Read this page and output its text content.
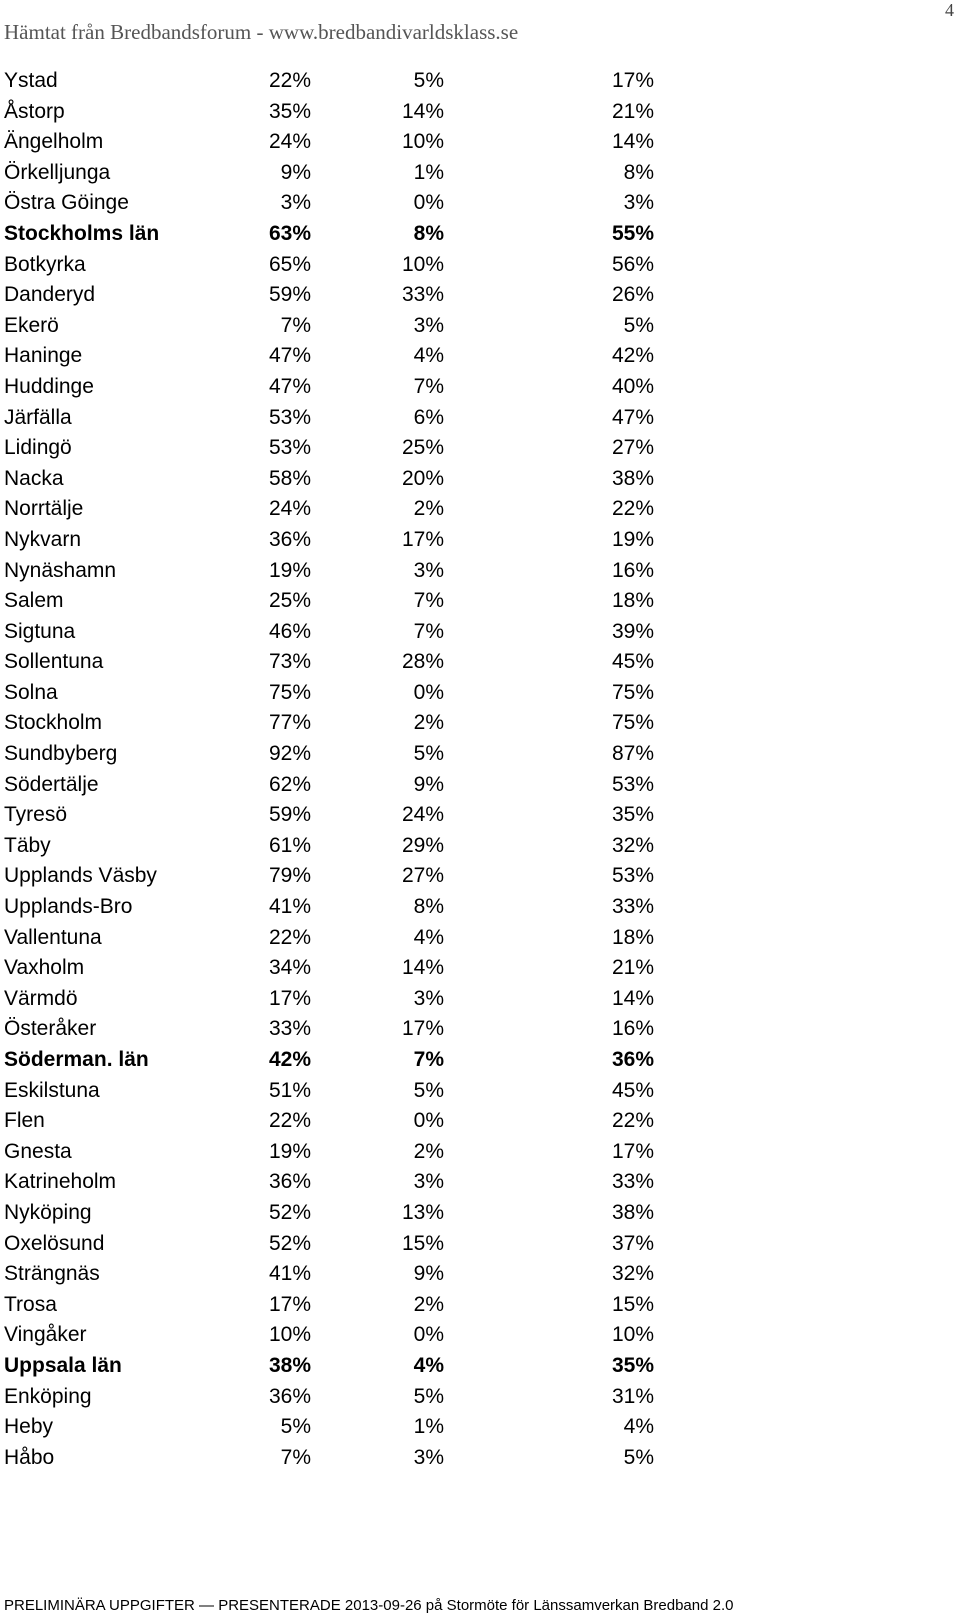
Hämtat från Bredbandsforum - www.bredbandivarldsklass.se
4
Ystad	22%	5%	17%
Åstorp	35%	14%	21%
Ängelholm	24%	10%	14%
Örkelljunga	9%	1%	8%
Östra Göinge	3%	0%	3%
Stockholms län	63%	8%	55%
Botkyrka	65%	10%	56%
Danderyd	59%	33%	26%
Ekerö	7%	3%	5%
Haninge	47%	4%	42%
Huddinge	47%	7%	40%
Järfälla	53%	6%	47%
Lidingö	53%	25%	27%
Nacka	58%	20%	38%
Norrtälje	24%	2%	22%
Nykvarn	36%	17%	19%
Nynäshamn	19%	3%	16%
Salem	25%	7%	18%
Sigtuna	46%	7%	39%
Sollentuna	73%	28%	45%
Solna	75%	0%	75%
Stockholm	77%	2%	75%
Sundbyberg	92%	5%	87%
Södertälje	62%	9%	53%
Tyresö	59%	24%	35%
Täby	61%	29%	32%
Upplands Väsby	79%	27%	53%
Upplands-Bro	41%	8%	33%
Vallentuna	22%	4%	18%
Vaxholm	34%	14%	21%
Värmdö	17%	3%	14%
Österåker	33%	17%	16%
Söderman. län	42%	7%	36%
Eskilstuna	51%	5%	45%
Flen	22%	0%	22%
Gnesta	19%	2%	17%
Katrineholm	36%	3%	33%
Nyköping	52%	13%	38%
Oxelösund	52%	15%	37%
Strängnäs	41%	9%	32%
Trosa	17%	2%	15%
Vingåker	10%	0%	10%
Uppsala län	38%	4%	35%
Enköping	36%	5%	31%
Heby	5%	1%	4%
Håbo	7%	3%	5%
PRELIMINÄRA UPPGIFTER — PRESENTERADE 2013-09-26 på Stormöte för Länssamverkan Bredband 2.0
